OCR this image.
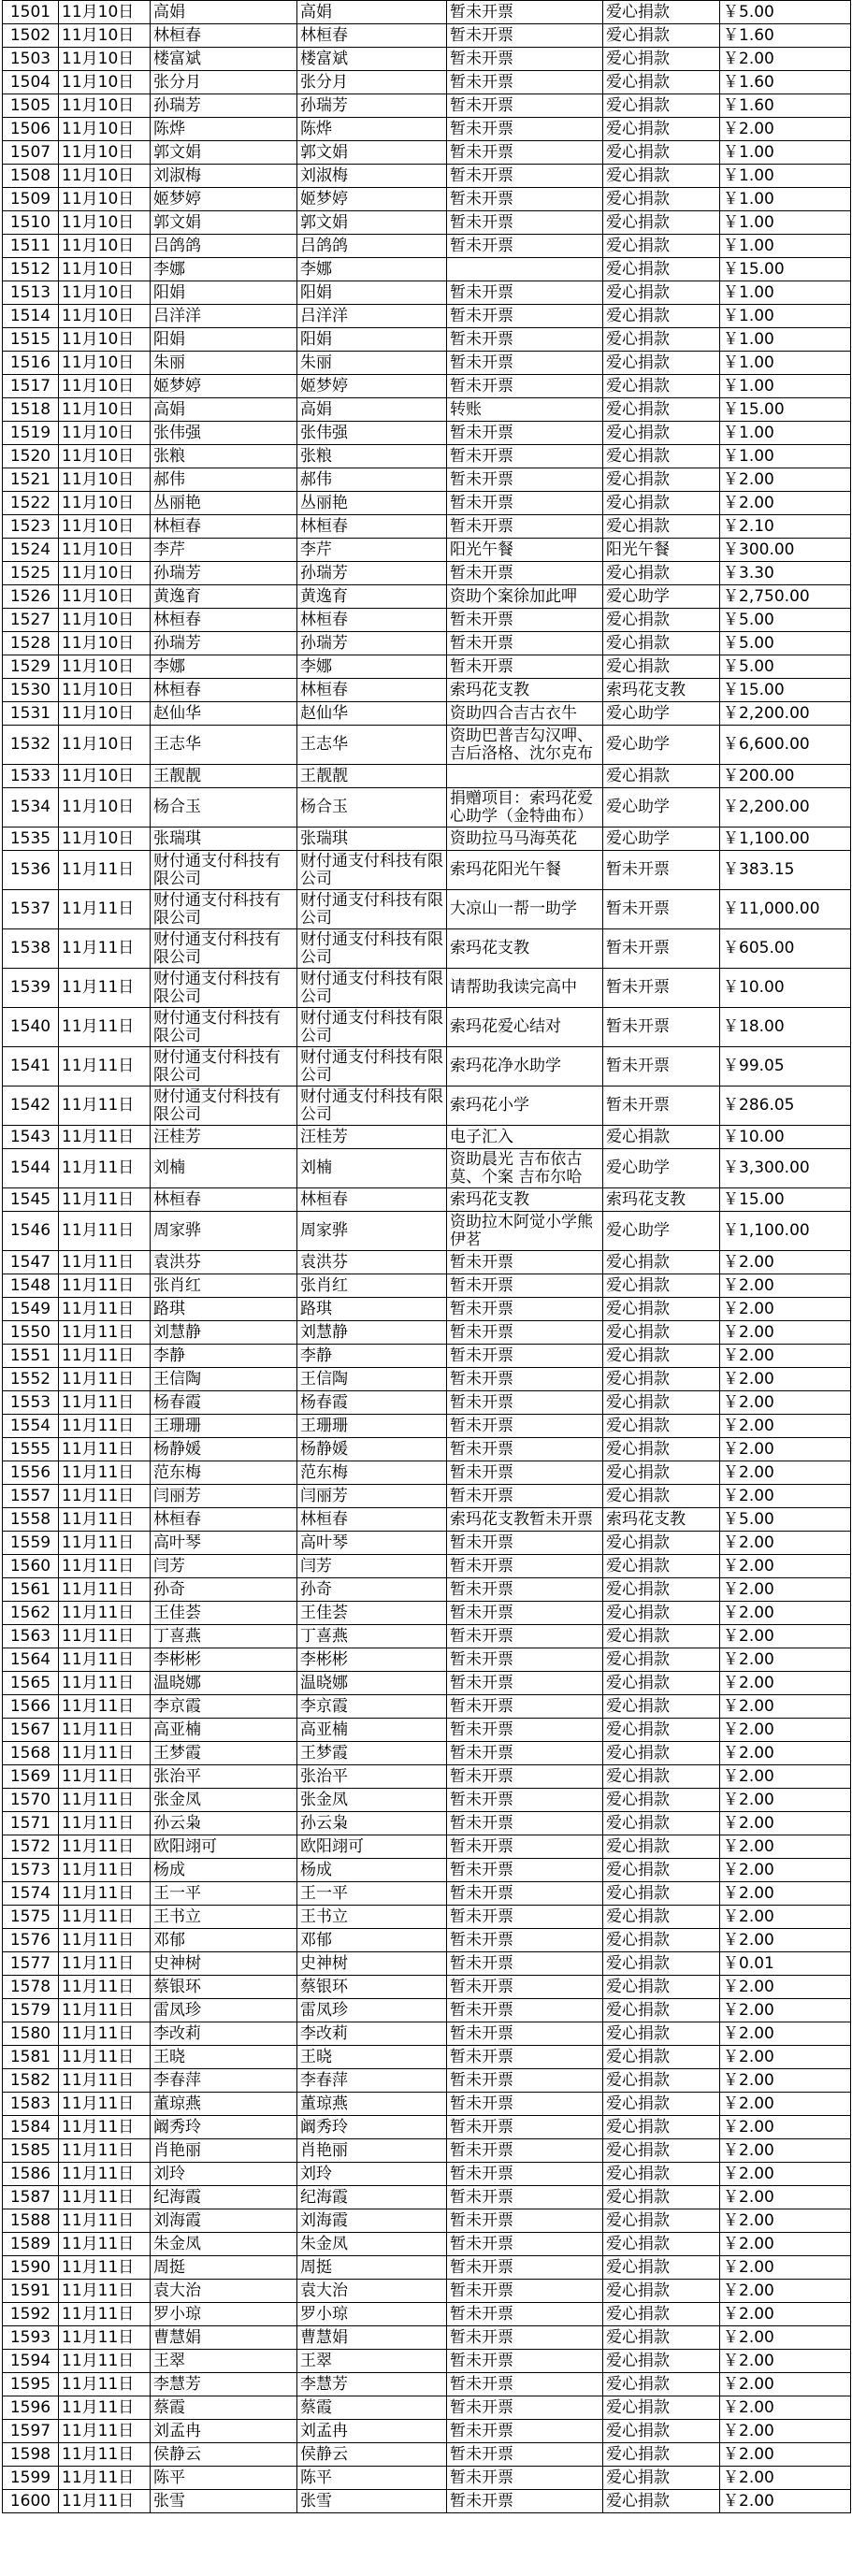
1501	11月10日	高娟	高娟	暂未开票	爱心捐款	￥5.00
1502	11月10日	林桓春	林桓春	暂未开票	爱心捐款	￥1.60
1503	11月10日	楼富斌	楼富斌	暂未开票	爱心捐款	￥2.00
1504	11月10日	张分月	张分月	暂未开票	爱心捐款	￥1.60
1505	11月10日	孙瑞芳	孙瑞芳	暂未开票	爱心捐款	￥1.60
1506	11月10日	陈烨	陈烨	暂未开票	爱心捐款	￥2.00
1507	11月10日	郭文娟	郭文娟	暂未开票	爱心捐款	￥1.00
1508	11月10日	刘淑梅	刘淑梅	暂未开票	爱心捐款	￥1.00
1509	11月10日	姬梦婷	姬梦婷	暂未开票	爱心捐款	￥1.00
1510	11月10日	郭文娟	郭文娟	暂未开票	爱心捐款	￥1.00
1511	11月10日	吕鸽鸽	吕鸽鸽	暂未开票	爱心捐款	￥1.00
1512	11月10日	李娜	李娜		爱心捐款	￥15.00
1513	11月10日	阳娟	阳娟	暂未开票	爱心捐款	￥1.00
1514	11月10日	吕洋洋	吕洋洋	暂未开票	爱心捐款	￥1.00
1515	11月10日	阳娟	阳娟	暂未开票	爱心捐款	￥1.00
1516	11月10日	朱丽	朱丽	暂未开票	爱心捐款	￥1.00
1517	11月10日	姬梦婷	姬梦婷	暂未开票	爱心捐款	￥1.00
1518	11月10日	高娟	高娟	转账	爱心捐款	￥15.00
1519	11月10日	张伟强	张伟强	暂未开票	爱心捐款	￥1.00
1520	11月10日	张粮	张粮	暂未开票	爱心捐款	￥1.00
1521	11月10日	郝伟	郝伟	暂未开票	爱心捐款	￥2.00
1522	11月10日	丛丽艳	丛丽艳	暂未开票	爱心捐款	￥2.00
1523	11月10日	林桓春	林桓春	暂未开票	爱心捐款	￥2.10
1524	11月10日	李芹	李芹	阳光午餐	阳光午餐	￥300.00
1525	11月10日	孙瑞芳	孙瑞芳	暂未开票	爱心捐款	￥3.30
1526	11月10日	黄逸育	黄逸育	资助个案徐加此呷	爱心助学	￥2,750.00
1527	11月10日	林桓春	林桓春	暂未开票	爱心捐款	￥5.00
1528	11月10日	孙瑞芳	孙瑞芳	暂未开票	爱心捐款	￥5.00
1529	11月10日	李娜	李娜	暂未开票	爱心捐款	￥5.00
1530	11月10日	林桓春	林桓春	索玛花支教	索玛花支教	￥15.00
1531	11月10日	赵仙华	赵仙华	资助四合吉古衣牛	爱心助学	￥2,200.00
1532	11月10日	王志华	王志华	资助巴普吉勾汉呷、吉后洛格、沈尔克布	爱心助学	￥6,600.00
1533	11月10日	王靓靓	王靓靓		爱心捐款	￥200.00
1534	11月10日	杨合玉	杨合玉	捐赠项目：索玛花爱心助学（金特曲布）	爱心助学	￥2,200.00
1535	11月10日	张瑞琪	张瑞琪	资助拉马马海英花	爱心助学	￥1,100.00
1536	11月11日	财付通支付科技有限公司	财付通支付科技有限公司	索玛花阳光午餐	暂未开票	￥383.15
1537	11月11日	财付通支付科技有限公司	财付通支付科技有限公司	大凉山一帮一助学	暂未开票	￥11,000.00
1538	11月11日	财付通支付科技有限公司	财付通支付科技有限公司	索玛花支教	暂未开票	￥605.00
1539	11月11日	财付通支付科技有限公司	财付通支付科技有限公司	请帮助我读完高中	暂未开票	￥10.00
1540	11月11日	财付通支付科技有限公司	财付通支付科技有限公司	索玛花爱心结对	暂未开票	￥18.00
1541	11月11日	财付通支付科技有限公司	财付通支付科技有限公司	索玛花净水助学	暂未开票	￥99.05
1542	11月11日	财付通支付科技有限公司	财付通支付科技有限公司	索玛花小学	暂未开票	￥286.05
1543	11月11日	汪桂芳	汪桂芳	电子汇入	爱心捐款	￥10.00
1544	11月11日	刘楠	刘楠	资助晨光 吉布依古莫、个案 吉布尔哈	爱心助学	￥3,300.00
1545	11月11日	林桓春	林桓春	索玛花支教	索玛花支教	￥15.00
1546	11月11日	周家骅	周家骅	资助拉木阿觉小学熊伊茗	爱心助学	￥1,100.00
1547	11月11日	袁洪芬	袁洪芬	暂未开票	爱心捐款	￥2.00
1548	11月11日	张肖红	张肖红	暂未开票	爱心捐款	￥2.00
1549	11月11日	路琪	路琪	暂未开票	爱心捐款	￥2.00
1550	11月11日	刘慧静	刘慧静	暂未开票	爱心捐款	￥2.00
1551	11月11日	李静	李静	暂未开票	爱心捐款	￥2.00
1552	11月11日	王信陶	王信陶	暂未开票	爱心捐款	￥2.00
1553	11月11日	杨春霞	杨春霞	暂未开票	爱心捐款	￥2.00
1554	11月11日	王珊珊	王珊珊	暂未开票	爱心捐款	￥2.00
1555	11月11日	杨静媛	杨静媛	暂未开票	爱心捐款	￥2.00
1556	11月11日	范东梅	范东梅	暂未开票	爱心捐款	￥2.00
1557	11月11日	闫丽芳	闫丽芳	暂未开票	爱心捐款	￥2.00
1558	11月11日	林桓春	林桓春	索玛花支教暂未开票	索玛花支教	￥5.00
1559	11月11日	高叶琴	高叶琴	暂未开票	爱心捐款	￥2.00
1560	11月11日	闫芳	闫芳	暂未开票	爱心捐款	￥2.00
1561	11月11日	孙奇	孙奇	暂未开票	爱心捐款	￥2.00
1562	11月11日	王佳荟	王佳荟	暂未开票	爱心捐款	￥2.00
1563	11月11日	丁喜燕	丁喜燕	暂未开票	爱心捐款	￥2.00
1564	11月11日	李彬彬	李彬彬	暂未开票	爱心捐款	￥2.00
1565	11月11日	温晓娜	温晓娜	暂未开票	爱心捐款	￥2.00
1566	11月11日	李京霞	李京霞	暂未开票	爱心捐款	￥2.00
1567	11月11日	高亚楠	高亚楠	暂未开票	爱心捐款	￥2.00
1568	11月11日	王梦霞	王梦霞	暂未开票	爱心捐款	￥2.00
1569	11月11日	张治平	张治平	暂未开票	爱心捐款	￥2.00
1570	11月11日	张金凤	张金凤	暂未开票	爱心捐款	￥2.00
1571	11月11日	孙云枭	孙云枭	暂未开票	爱心捐款	￥2.00
1572	11月11日	欧阳翊可	欧阳翊可	暂未开票	爱心捐款	￥2.00
1573	11月11日	杨成	杨成	暂未开票	爱心捐款	￥2.00
1574	11月11日	王一平	王一平	暂未开票	爱心捐款	￥2.00
1575	11月11日	王书立	王书立	暂未开票	爱心捐款	￥2.00
1576	11月11日	邓郁	邓郁	暂未开票	爱心捐款	￥2.00
1577	11月11日	史神树	史神树	暂未开票	爱心捐款	￥0.01
1578	11月11日	蔡银环	蔡银环	暂未开票	爱心捐款	￥2.00
1579	11月11日	雷凤珍	雷凤珍	暂未开票	爱心捐款	￥2.00
1580	11月11日	李改莉	李改莉	暂未开票	爱心捐款	￥2.00
1581	11月11日	王晓	王晓	暂未开票	爱心捐款	￥2.00
1582	11月11日	李春萍	李春萍	暂未开票	爱心捐款	￥2.00
1583	11月11日	董琼燕	董琼燕	暂未开票	爱心捐款	￥2.00
1584	11月11日	阚秀玲	阚秀玲	暂未开票	爱心捐款	￥2.00
1585	11月11日	肖艳丽	肖艳丽	暂未开票	爱心捐款	￥2.00
1586	11月11日	刘玲	刘玲	暂未开票	爱心捐款	￥2.00
1587	11月11日	纪海霞	纪海霞	暂未开票	爱心捐款	￥2.00
1588	11月11日	刘海霞	刘海霞	暂未开票	爱心捐款	￥2.00
1589	11月11日	朱金凤	朱金凤	暂未开票	爱心捐款	￥2.00
1590	11月11日	周挺	周挺	暂未开票	爱心捐款	￥2.00
1591	11月11日	袁大治	袁大治	暂未开票	爱心捐款	￥2.00
1592	11月11日	罗小琼	罗小琼	暂未开票	爱心捐款	￥2.00
1593	11月11日	曹慧娟	曹慧娟	暂未开票	爱心捐款	￥2.00
1594	11月11日	王翠	王翠	暂未开票	爱心捐款	￥2.00
1595	11月11日	李慧芳	李慧芳	暂未开票	爱心捐款	￥2.00
1596	11月11日	蔡霞	蔡霞	暂未开票	爱心捐款	￥2.00
1597	11月11日	刘孟冉	刘孟冉	暂未开票	爱心捐款	￥2.00
1598	11月11日	侯静云	侯静云	暂未开票	爱心捐款	￥2.00
1599	11月11日	陈平	陈平	暂未开票	爱心捐款	￥2.00
1600	11月11日	张雪	张雪	暂未开票	爱心捐款	￥2.00
